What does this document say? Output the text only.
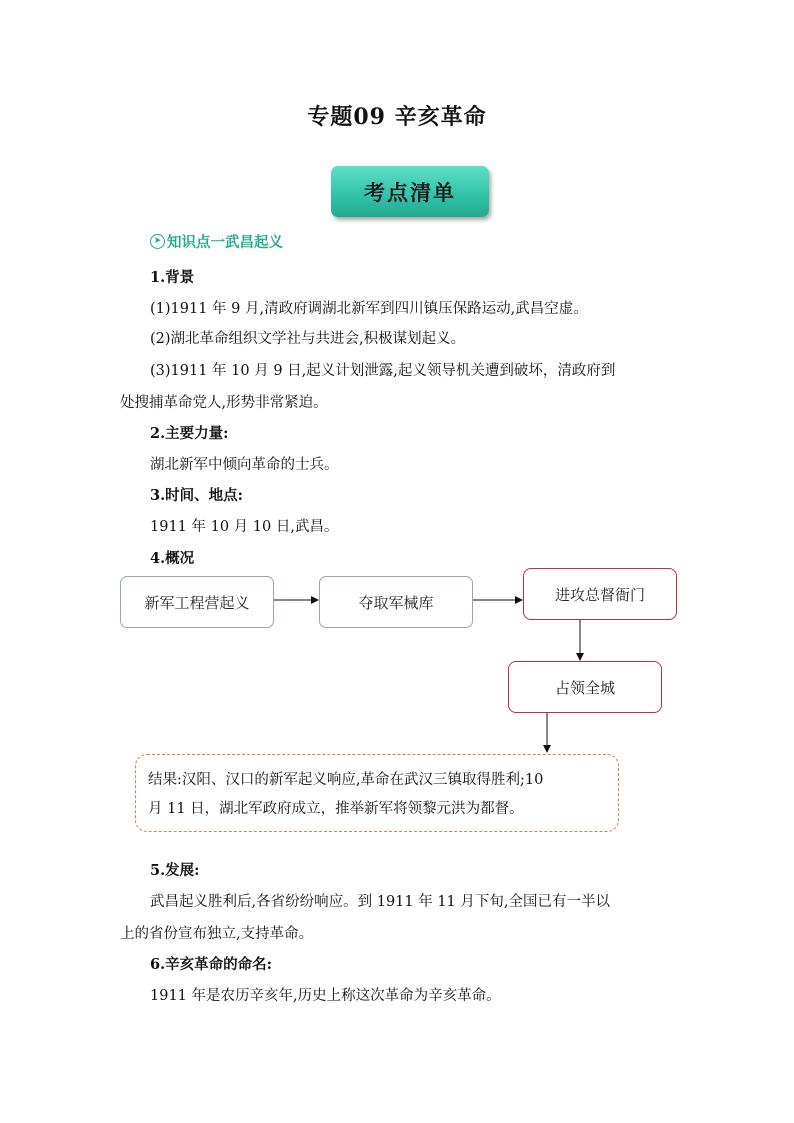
专题09 辛亥革命
考点清单
➤ 知识点一武昌起义
1.背景
(1)1911 年 9 月,清政府调湖北新军到四川镇压保路运动,武昌空虚。
(2)湖北革命组织文学社与共进会,积极谋划起义。
(3)1911 年 10 月 9 日,起义计划泄露,起义领导机关遭到破坏，清政府到
处搜捕革命党人,形势非常紧迫。
2.主要力量:
湖北新军中倾向革命的士兵。
3.时间、地点:
1911 年 10 月 10 日,武昌。
4.概况
新军工程营起义	夺取军械库	进攻总督衙门
占领全城
结果:汉阳、汉口的新军起义响应,革命在武汉三镇取得胜利;10
月 11 日，湖北军政府成立，推举新军将领黎元洪为都督。
5.发展:
武昌起义胜利后,各省纷纷响应。到 1911 年 11 月下旬,全国已有一半以
上的省份宣布独立,支持革命。
6.辛亥革命的命名:
1911 年是农历辛亥年,历史上称这次革命为辛亥革命。
